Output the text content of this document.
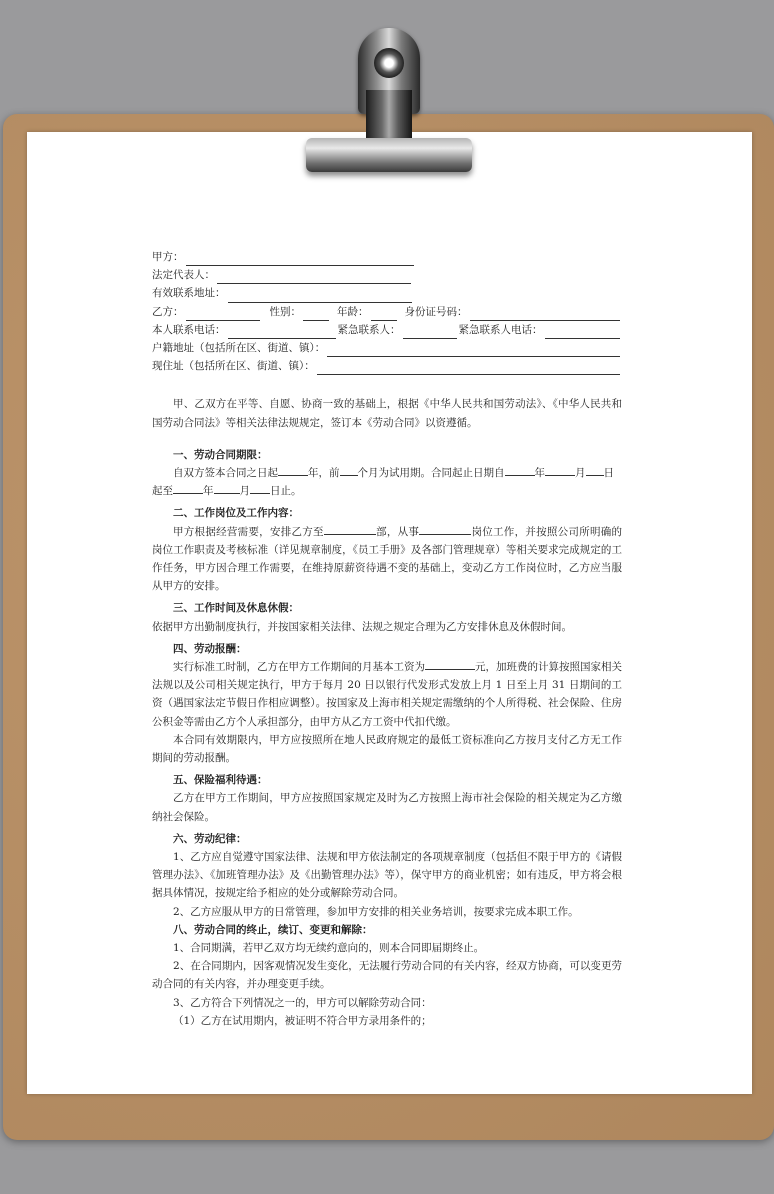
甲方：
法定代表人：
有效联系地址：
乙方：	性别：	年龄：	身份证号码：
本人联系电话：	紧急联系人：	紧急联系人电话：
户籍地址（包括所在区、街道、镇）：
现住址（包括所在区、街道、镇）：

甲、乙双方在平等、自愿、协商一致的基础上，根据《中华人民共和国劳动法》、《中华人民共和国劳动合同法》等相关法律法规规定，签订本《劳动合同》以资遵循。

一、劳动合同期限：

自双方签本合同之日起	年，前 个月为试用期。合同起止日期自	年	月 日

起至	年 月 日止。

二、工作岗位及工作内容：

甲方根据经营需要，安排乙方至	部，从事	岗位工作，并按照公司所明确的岗位工作职责及考核标准（详见规章制度，《员工手册》及各部门管理规章）等相关要求完成规定的工作任务，甲方因合理工作需要，在维持原薪资待遇不变的基础上，变动乙方工作岗位时，乙方应当服从甲方的安排。

三、工作时间及休息休假：

依据甲方出勤制度执行，并按国家相关法律、法规之规定合理为乙方安排休息及休假时间。

四、劳动报酬：

实行标准工时制，乙方在甲方工作期间的月基本工资为	元，加班费的计算按照国家相关法规以及公司相关规定执行，甲方于每月 20 日以银行代发形式发放上月 1 日至上月 31 日期间的工资（遇国家法定节假日作相应调整）。按国家及上海市相关规定需缴纳的个人所得税、社会保险、住房公积金等需由乙方个人承担部分，由甲方从乙方工资中代扣代缴。

本合同有效期限内，甲方应按照所在地人民政府规定的最低工资标准向乙方按月支付乙方无工作期间的劳动报酬。

五、保险福利待遇：

乙方在甲方工作期间，甲方应按照国家规定及时为乙方按照上海市社会保险的相关规定为乙方缴纳社会保险。

六、劳动纪律：

1、乙方应自觉遵守国家法律、法规和甲方依法制定的各项规章制度（包括但不限于甲方的《请假管理办法》、《加班管理办法》及《出勤管理办法》等），保守甲方的商业机密；如有违反，甲方将会根据具体情况，按规定给予相应的处分或解除劳动合同。

2、乙方应服从甲方的日常管理，参加甲方安排的相关业务培训，按要求完成本职工作。

八、劳动合同的终止，续订、变更和解除：

1、合同期满，若甲乙双方均无续约意向的，则本合同即届期终止。

2、在合同期内，因客观情况发生变化，无法履行劳动合同的有关内容，经双方协商，可以变更劳动合同的有关内容，并办理变更手续。

3、乙方符合下列情况之一的，甲方可以解除劳动合同：

（1）乙方在试用期内，被证明不符合甲方录用条件的；
